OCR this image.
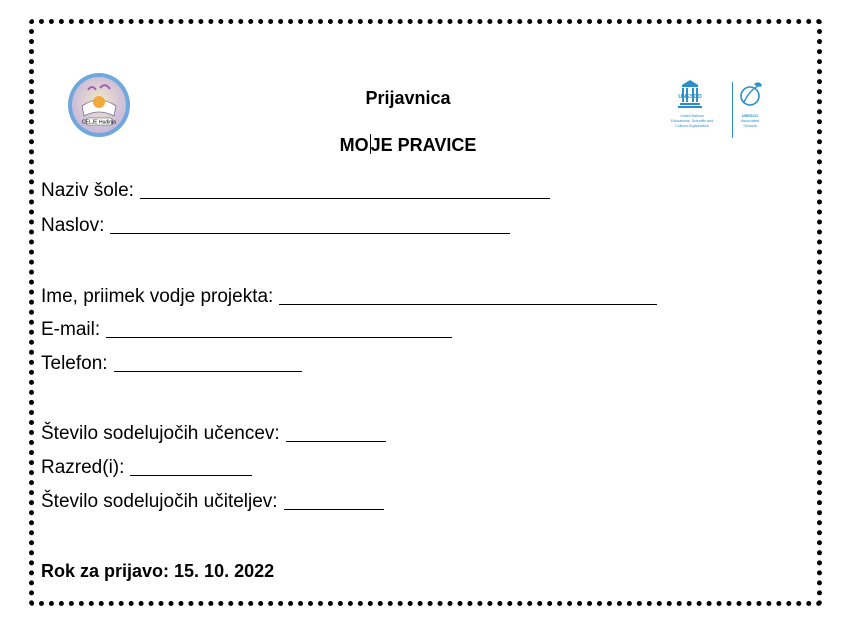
CELJE Hudinja
UNESCO
United Nations
Educational, Scientific and
Cultural Organization
UNESCO
Associated
Schools
Prijavnica
MO JE PRAVICE
Naziv šole:
Naslov:
Ime, priimek vodje projekta:
E-mail:
Telefon:
Število sodelujočih učencev:
Razred(i):
Število sodelujočih učiteljev:
Rok za prijavo: 15. 10. 2022
